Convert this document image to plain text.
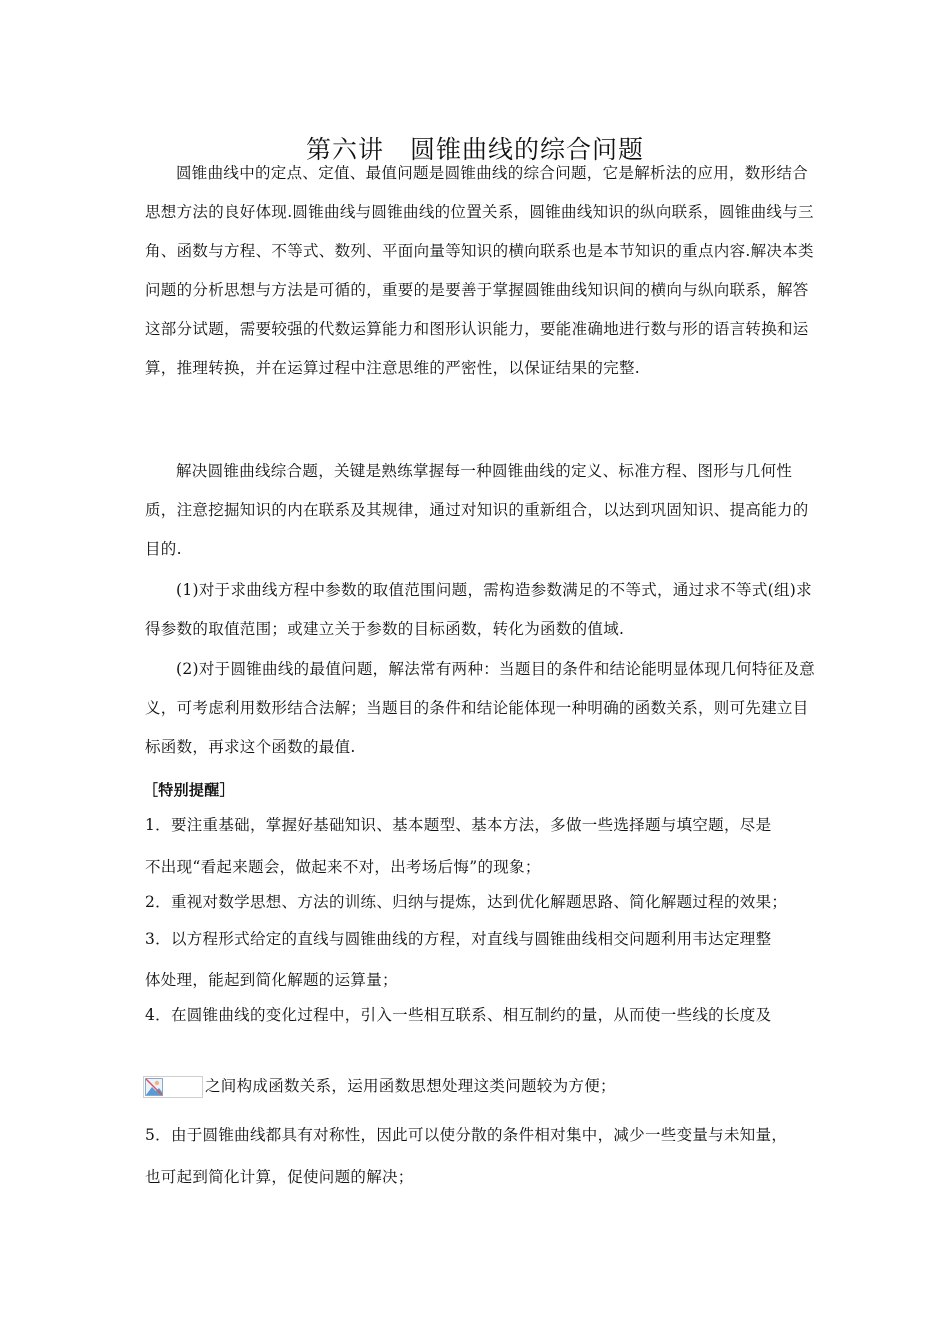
第六讲　圆锥曲线的综合问题
圆锥曲线中的定点、定值、最值问题是圆锥曲线的综合问题，它是解析法的应用，数形结合思想方法的良好体现.圆锥曲线与圆锥曲线的位置关系，圆锥曲线知识的纵向联系，圆锥曲线与三角、函数与方程、不等式、数列、平面向量等知识的横向联系也是本节知识的重点内容.解决本类问题的分析思想与方法是可循的，重要的是要善于掌握圆锥曲线知识间的横向与纵向联系，解答这部分试题，需要较强的代数运算能力和图形认识能力，要能准确地进行数与形的语言转换和运算，推理转换，并在运算过程中注意思维的严密性，以保证结果的完整.
解决圆锥曲线综合题，关键是熟练掌握每一种圆锥曲线的定义、标准方程、图形与几何性质，注意挖掘知识的内在联系及其规律，通过对知识的重新组合，以达到巩固知识、提高能力的目的.
(1)对于求曲线方程中参数的取值范围问题，需构造参数满足的不等式，通过求不等式(组)求得参数的取值范围；或建立关于参数的目标函数，转化为函数的值域.
(2)对于圆锥曲线的最值问题，解法常有两种：当题目的条件和结论能明显体现几何特征及意义，可考虑利用数形结合法解；当题目的条件和结论能体现一种明确的函数关系，则可先建立目标函数，再求这个函数的最值.
［特别提醒］
1．要注重基础，掌握好基础知识、基本题型、基本方法，多做一些选择题与填空题，尽是
不出现“看起来题会，做起来不对，出考场后悔”的现象；
2．重视对数学思想、方法的训练、归纳与提炼，达到优化解题思路、简化解题过程的效果；
3．以方程形式给定的直线与圆锥曲线的方程，对直线与圆锥曲线相交问题利用韦达定理整
体处理，能起到简化解题的运算量；
4．在圆锥曲线的变化过程中，引入一些相互联系、相互制约的量，从而使一些线的长度及
之间构成函数关系，运用函数思想处理这类问题较为方便；
5．由于圆锥曲线都具有对称性，因此可以使分散的条件相对集中，减少一些变量与未知量，
也可起到简化计算，促使问题的解决；
